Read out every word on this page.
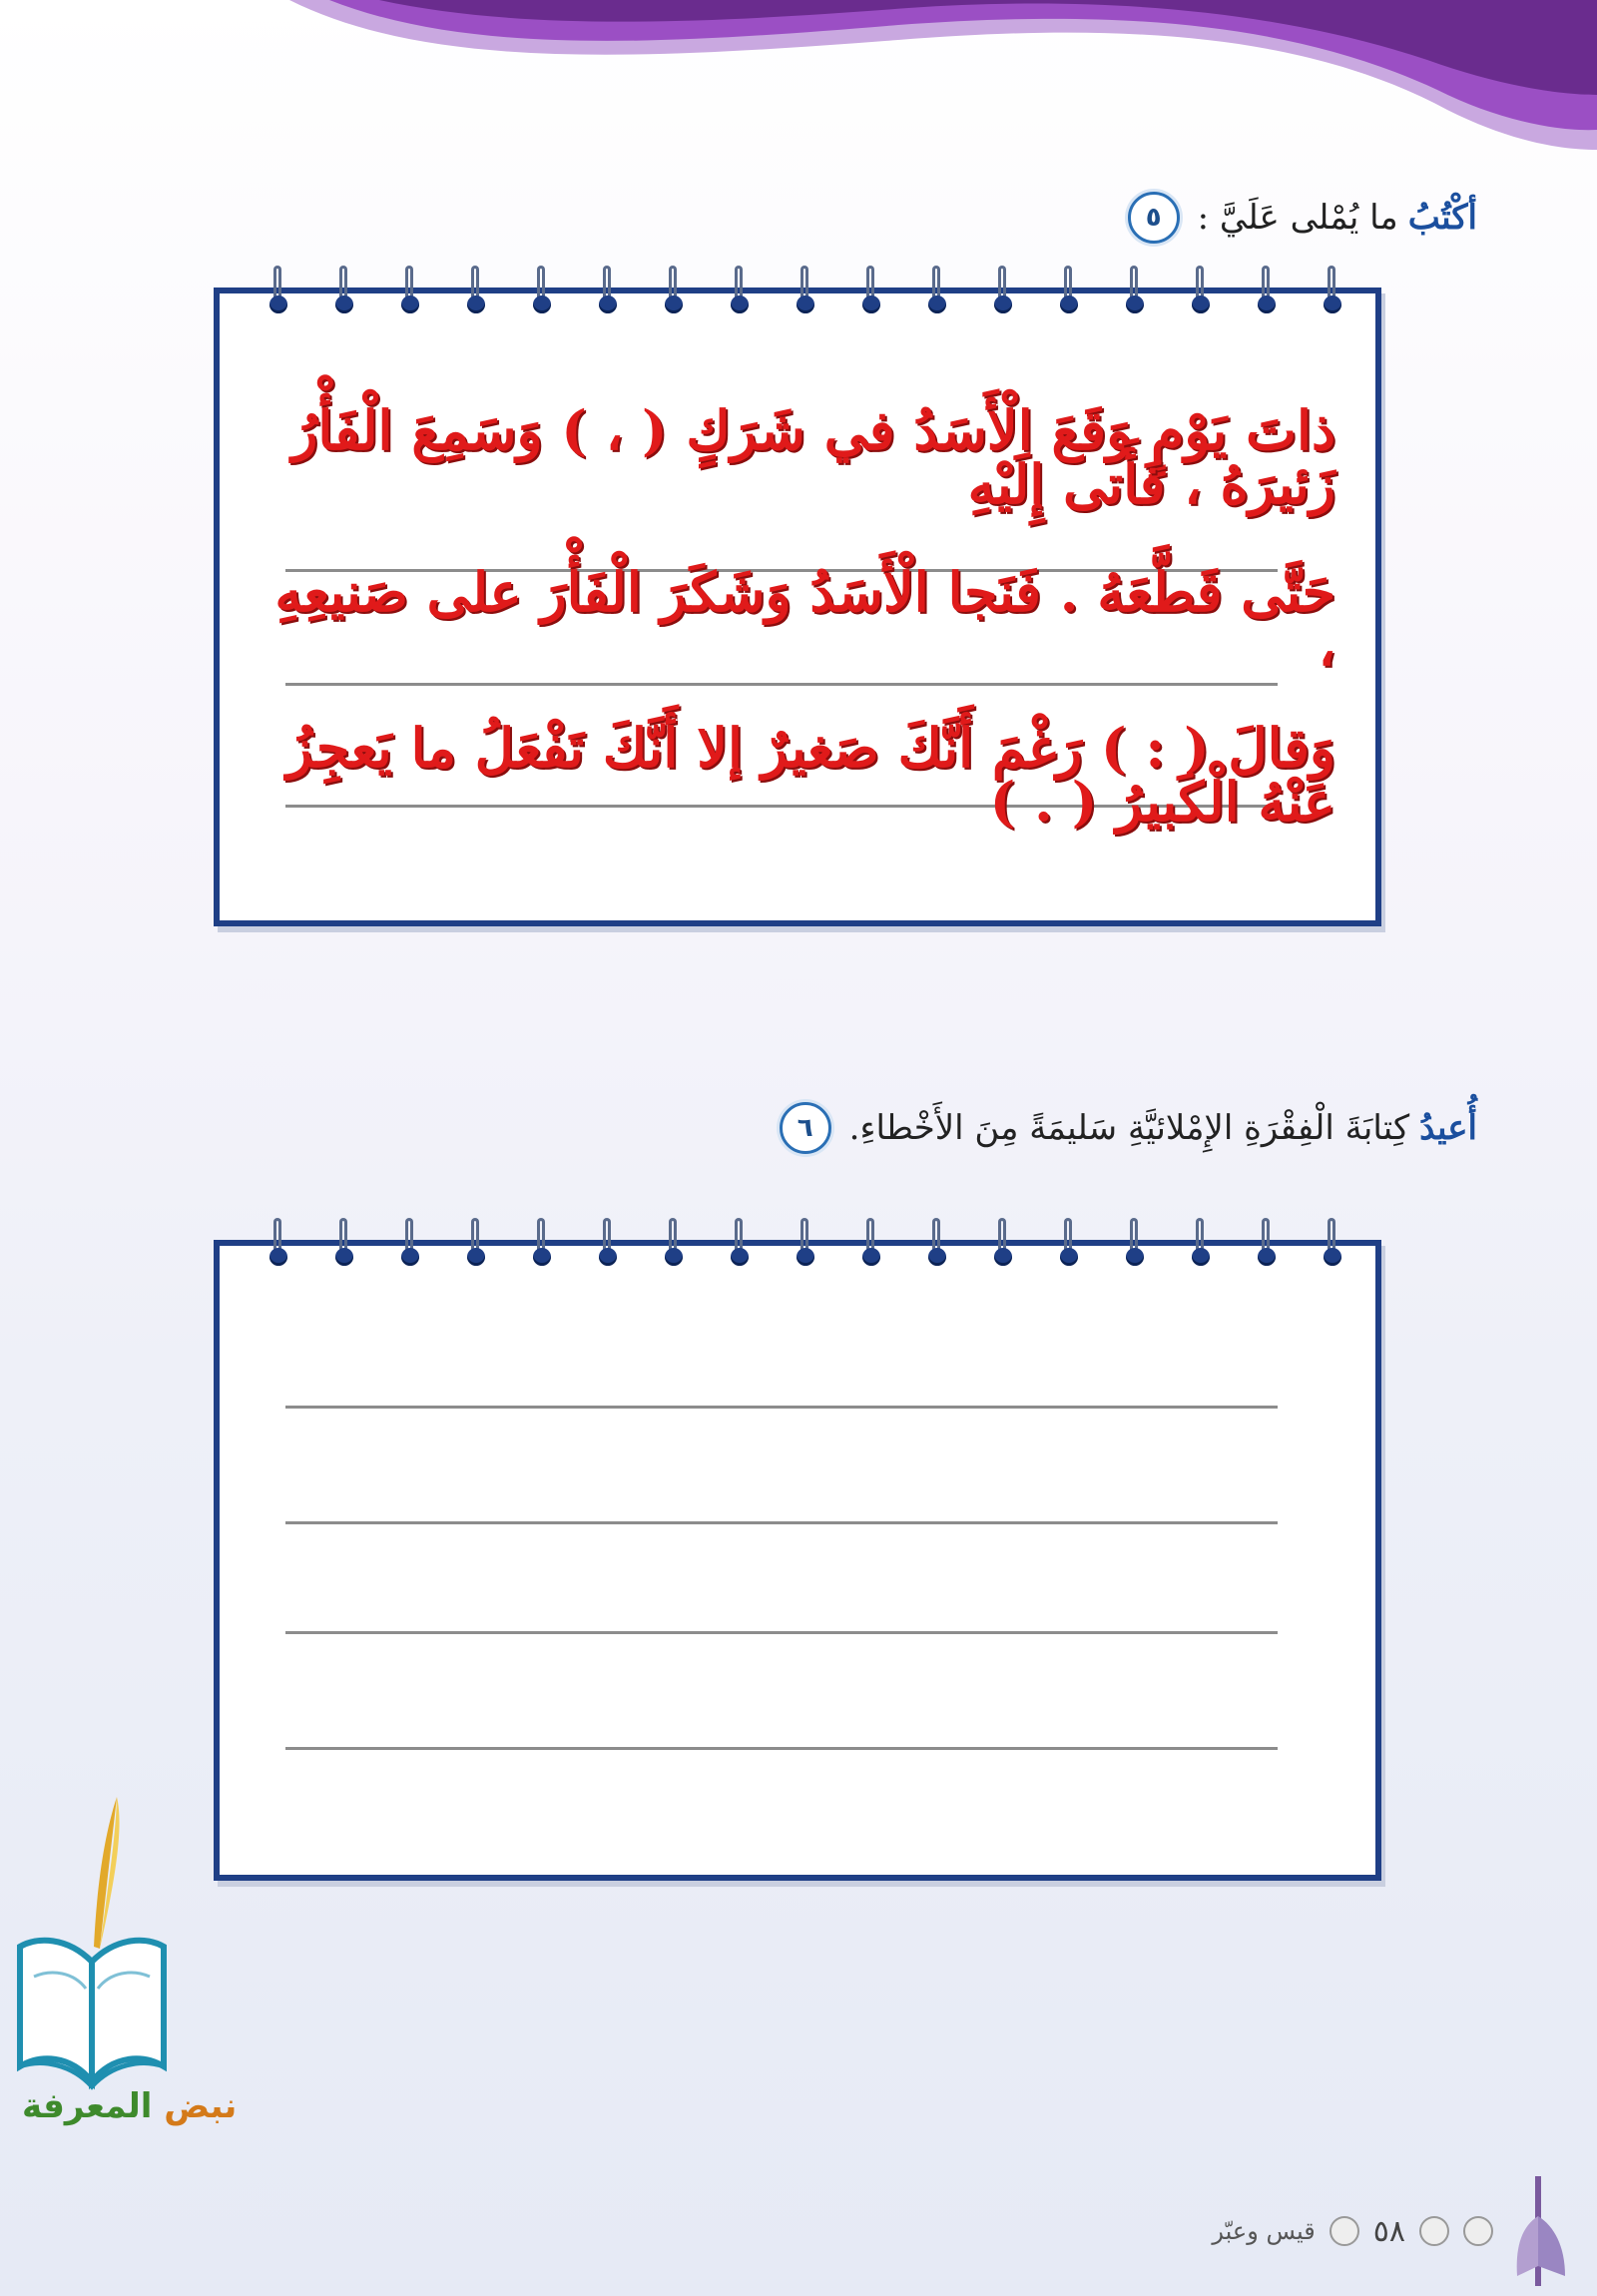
٥	أكْتُبُ
ما يُمْلى عَلَيَّ :
ذاتَ يَوْمٍ وَقَعَ الْأَسَدُ في شَرَكٍ ( ، ) وَسَمِعَ الْفَأْرُ زَئيرَهُ ، فَأَتى إِلَيْهِ
حَتَّى قَطَّعَهُ . فَنَجا الْأَسَدُ وَشَكَرَ الْفَأْرَ على صَنيعِهِ ،
وَقالَ ( : ) رَغْمَ أَنَّكَ صَغيرٌ إلا أَنَّكَ تَفْعَلُ ما يَعجِزُ عَنْهُ الْكَبيرُ ( . )
٦	أُعيدُ
كِتابَةَ الْفِقْرَةِ الإِمْلائيَّةِ سَليمَةً مِنَ الأَخْطاءِ.
نبض المعرفة
٥٨
قيس وعبّر
